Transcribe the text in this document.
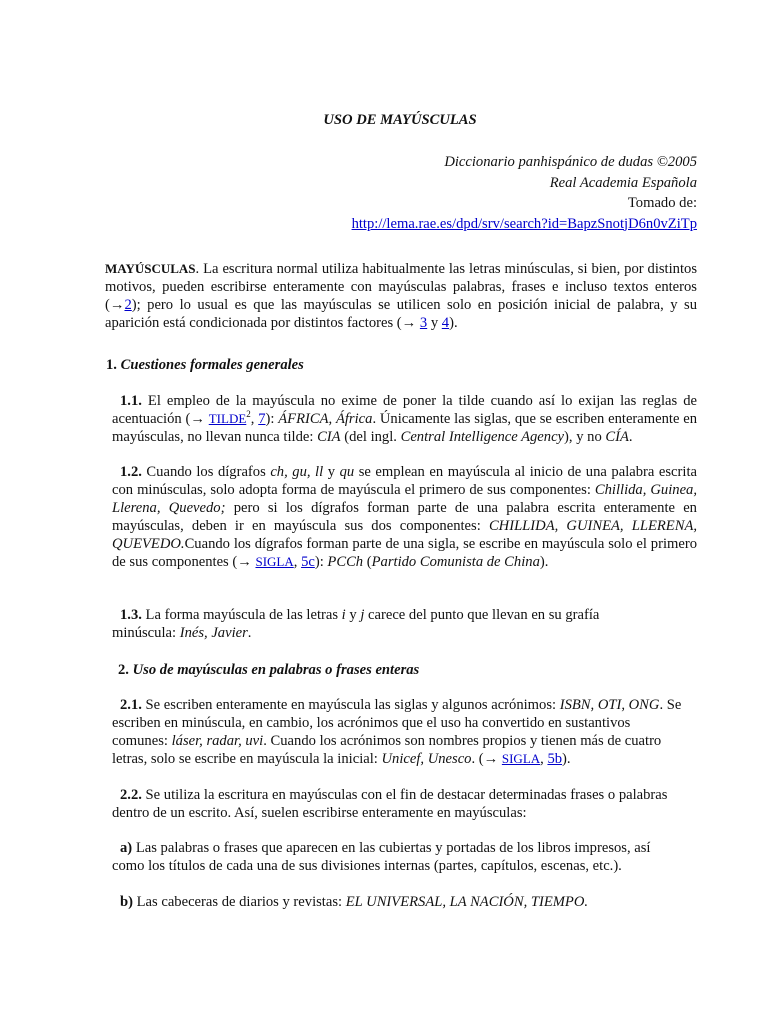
USO DE MAYÚSCULAS
Diccionario panhispánico de dudas ©2005
Real Academia Española
Tomado de:
http://lema.rae.es/dpd/srv/search?id=BapzSnotjD6n0vZiTp
MAYÚSCULAS. La escritura normal utiliza habitualmente las letras minúsculas, si bien, por distintos motivos, pueden escribirse enteramente con mayúsculas palabras, frases e incluso textos enteros (→2); pero lo usual es que las mayúsculas se utilicen solo en posición inicial de palabra, y su aparición está condicionada por distintos factores (→ 3 y 4).
1. Cuestiones formales generales
1.1. El empleo de la mayúscula no exime de poner la tilde cuando así lo exijan las reglas de acentuación (→ $TILDE^2$, 7): ÁFRICA, África. Únicamente las siglas, que se escriben enteramente en mayúsculas, no llevan nunca tilde: CIA (del ingl. Central Intelligence Agency), y no CÍA.
1.2. Cuando los dígrafos ch, gu, ll y qu se emplean en mayúscula al inicio de una palabra escrita con minúsculas, solo adopta forma de mayúscula el primero de sus componentes: Chillida, Guinea, Llerena, Quevedo; pero si los dígrafos forman parte de una palabra escrita enteramente en mayúsculas, deben ir en mayúscula sus dos componentes: CHILLIDA, GUINEA, LLERENA, QUEVEDO.Cuando los dígrafos forman parte de una sigla, se escribe en mayúscula solo el primero de sus componentes (→ SIGLA, 5c): PCCh (Partido Comunista de China).
1.3. La forma mayúscula de las letras i y j carece del punto que llevan en su grafía minúscula: Inés, Javier.
2. Uso de mayúsculas en palabras o frases enteras
2.1. Se escriben enteramente en mayúscula las siglas y algunos acrónimos: ISBN, OTI, ONG. Se escriben en minúscula, en cambio, los acrónimos que el uso ha convertido en sustantivos comunes: láser, radar, uvi. Cuando los acrónimos son nombres propios y tienen más de cuatro letras, solo se escribe en mayúscula la inicial: Unicef, Unesco. (→ SIGLA, 5b).
2.2. Se utiliza la escritura en mayúsculas con el fin de destacar determinadas frases o palabras dentro de un escrito. Así, suelen escribirse enteramente en mayúsculas:
a) Las palabras o frases que aparecen en las cubiertas y portadas de los libros impresos, así como los títulos de cada una de sus divisiones internas (partes, capítulos, escenas, etc.).
b) Las cabeceras de diarios y revistas: EL UNIVERSAL, LA NACIÓN, TIEMPO.
